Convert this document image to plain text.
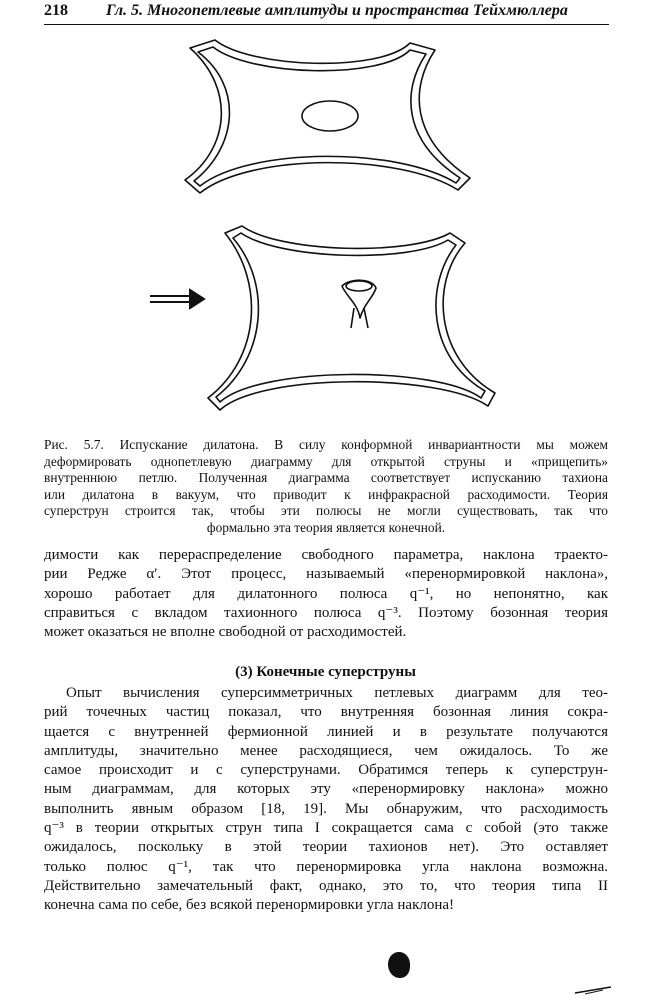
218 Гл. 5. Многопетлевые амплитуды и пространства Тейхмюллера
Рис. 5.7. Испускание дилатона. В силу конформной инвариантности мы можем
деформировать однопетлевую диаграмму для открытой струны и «прищепить»
внутреннюю петлю. Полученная диаграмма соответствует испусканию тахиона
или дилатона в вакуум, что приводит к инфракрасной расходимости. Теория
суперструн строится так, чтобы эти полюсы не могли существовать, так что
формально эта теория является конечной.
димости как перераспределение свободного параметра, наклона траекто-
рии Редже α′. Этот процесс, называемый «перенормировкой наклона»,
хорошо работает для дилатонного полюса q⁻¹, но непонятно, как
справиться с вкладом тахионного полюса q⁻³. Поэтому бозонная теория
может оказаться не вполне свободной от расходимостей.
(3) Конечные суперструны
Опыт вычисления суперсимметричных петлевых диаграмм для тео-
рий точечных частиц показал, что внутренняя бозонная линия сокра-
щается с внутренней фермионной линией и в результате получаются
амплитуды, значительно менее расходящиеся, чем ожидалось. То же
самое происходит и с суперструнами. Обратимся теперь к суперструн-
ным диаграммам, для которых эту «перенормировку наклона» можно
выполнить явным образом [18, 19]. Мы обнаружим, что расходимость
q⁻³ в теории открытых струн типа I сокращается сама с собой (это также
ожидалось, поскольку в этой теории тахионов нет). Это оставляет
только полюс q⁻¹, так что перенормировка угла наклона возможна.
Действительно замечательный факт, однако, это то, что теория типа II
конечна сама по себе, без всякой перенормировки угла наклона!
